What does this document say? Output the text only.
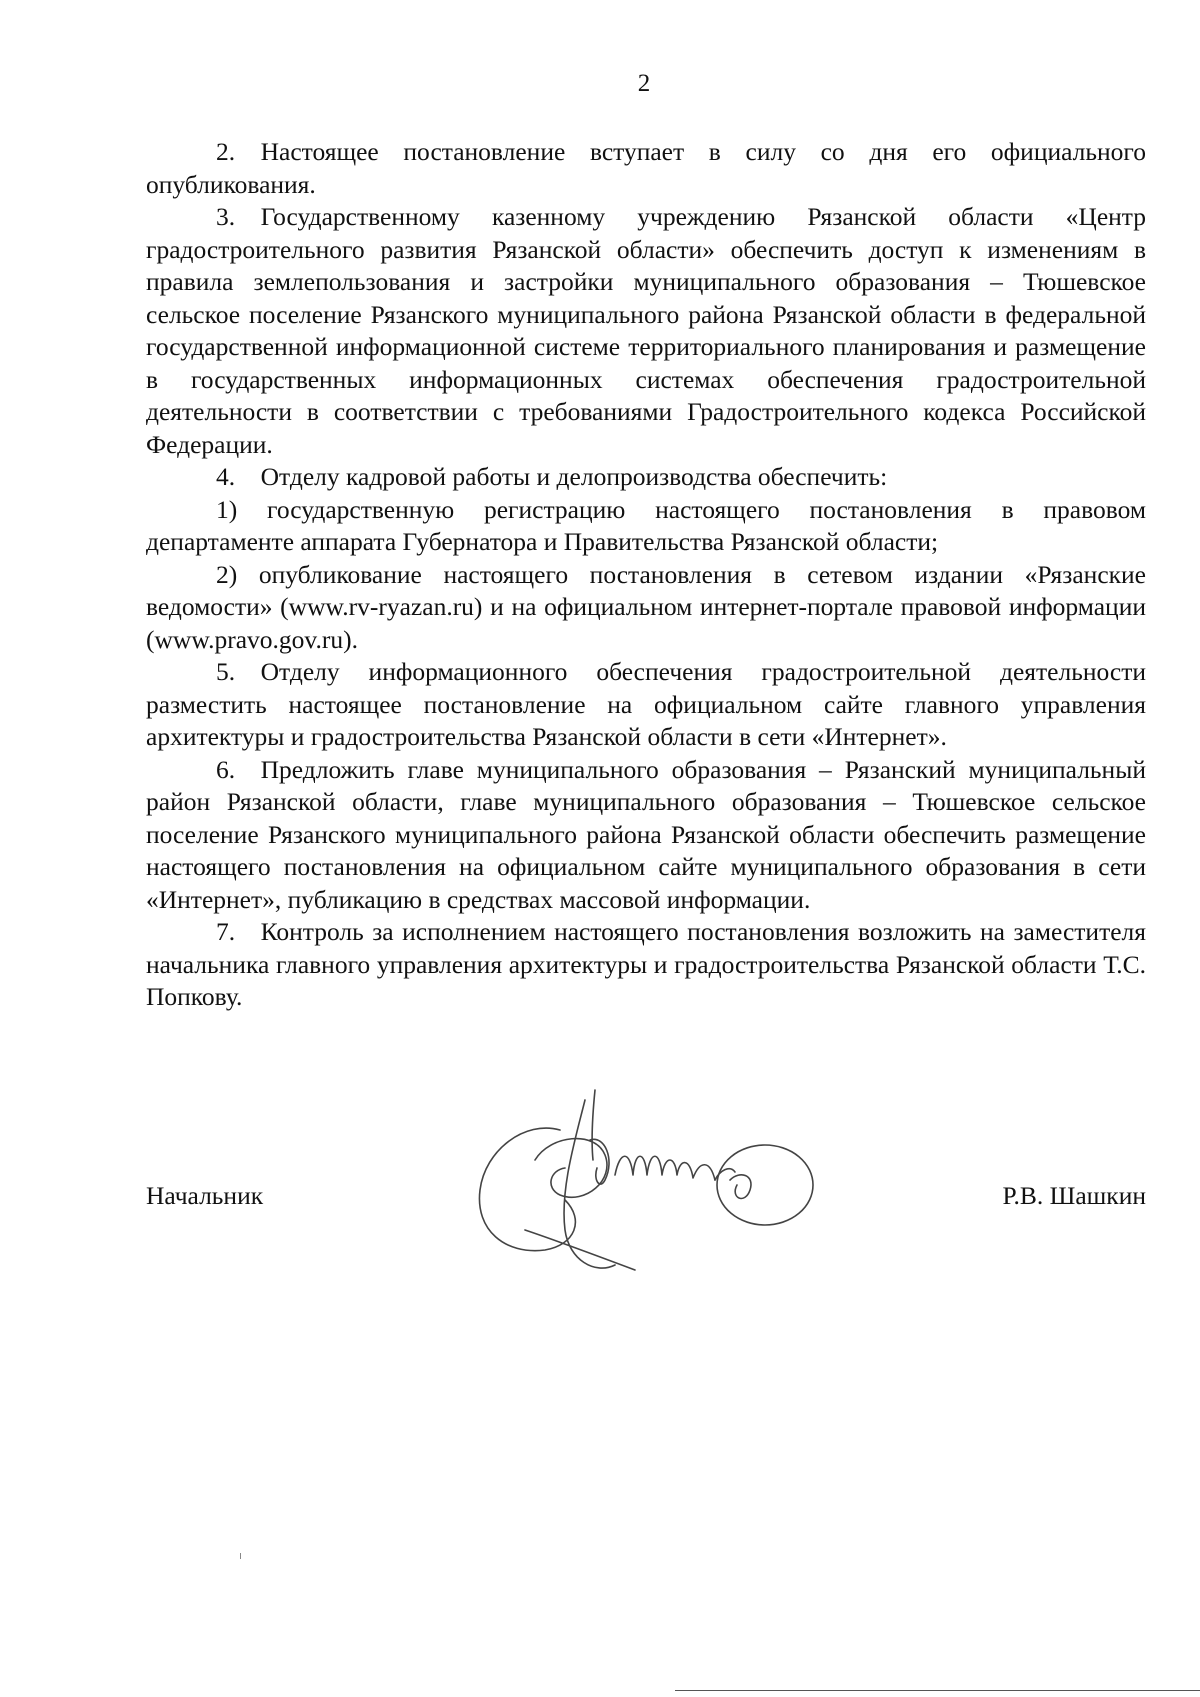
2

2. Настоящее постановление вступает в силу со дня его официального опубликования.

3. Государственному казенному учреждению Рязанской области «Центр градостроительного развития Рязанской области» обеспечить доступ к изменениям в правила землепользования и застройки муниципального образования – Тюшевское сельское поселение Рязанского муниципального района Рязанской области в федеральной государственной информационной системе территориального планирования и размещение в государственных информационных системах обеспечения градостроительной деятельности в соответствии с требованиями Градостроительного кодекса Российской Федерации.

4. Отделу кадровой работы и делопроизводства обеспечить:

1) государственную регистрацию настоящего постановления в правовом департаменте аппарата Губернатора и Правительства Рязанской области;

2) опубликование настоящего постановления в сетевом издании «Рязанские ведомости» (www.rv-ryazan.ru) и на официальном интернет-портале правовой информации (www.pravo.gov.ru).

5. Отделу информационного обеспечения градостроительной деятельности разместить настоящее постановление на официальном сайте главного управления архитектуры и градостроительства Рязанской области в сети «Интернет».

6. Предложить главе муниципального образования – Рязанский муниципальный район Рязанской области, главе муниципального образования – Тюшевское сельское поселение Рязанского муниципального района Рязанской области обеспечить размещение настоящего постановления на официальном сайте муниципального образования в сети «Интернет», публикацию в средствах массовой информации.

7. Контроль за исполнением настоящего постановления возложить на заместителя начальника главного управления архитектуры и градостроительства Рязанской области Т.С. Попкову.

Начальник	Р.В. Шашкин
